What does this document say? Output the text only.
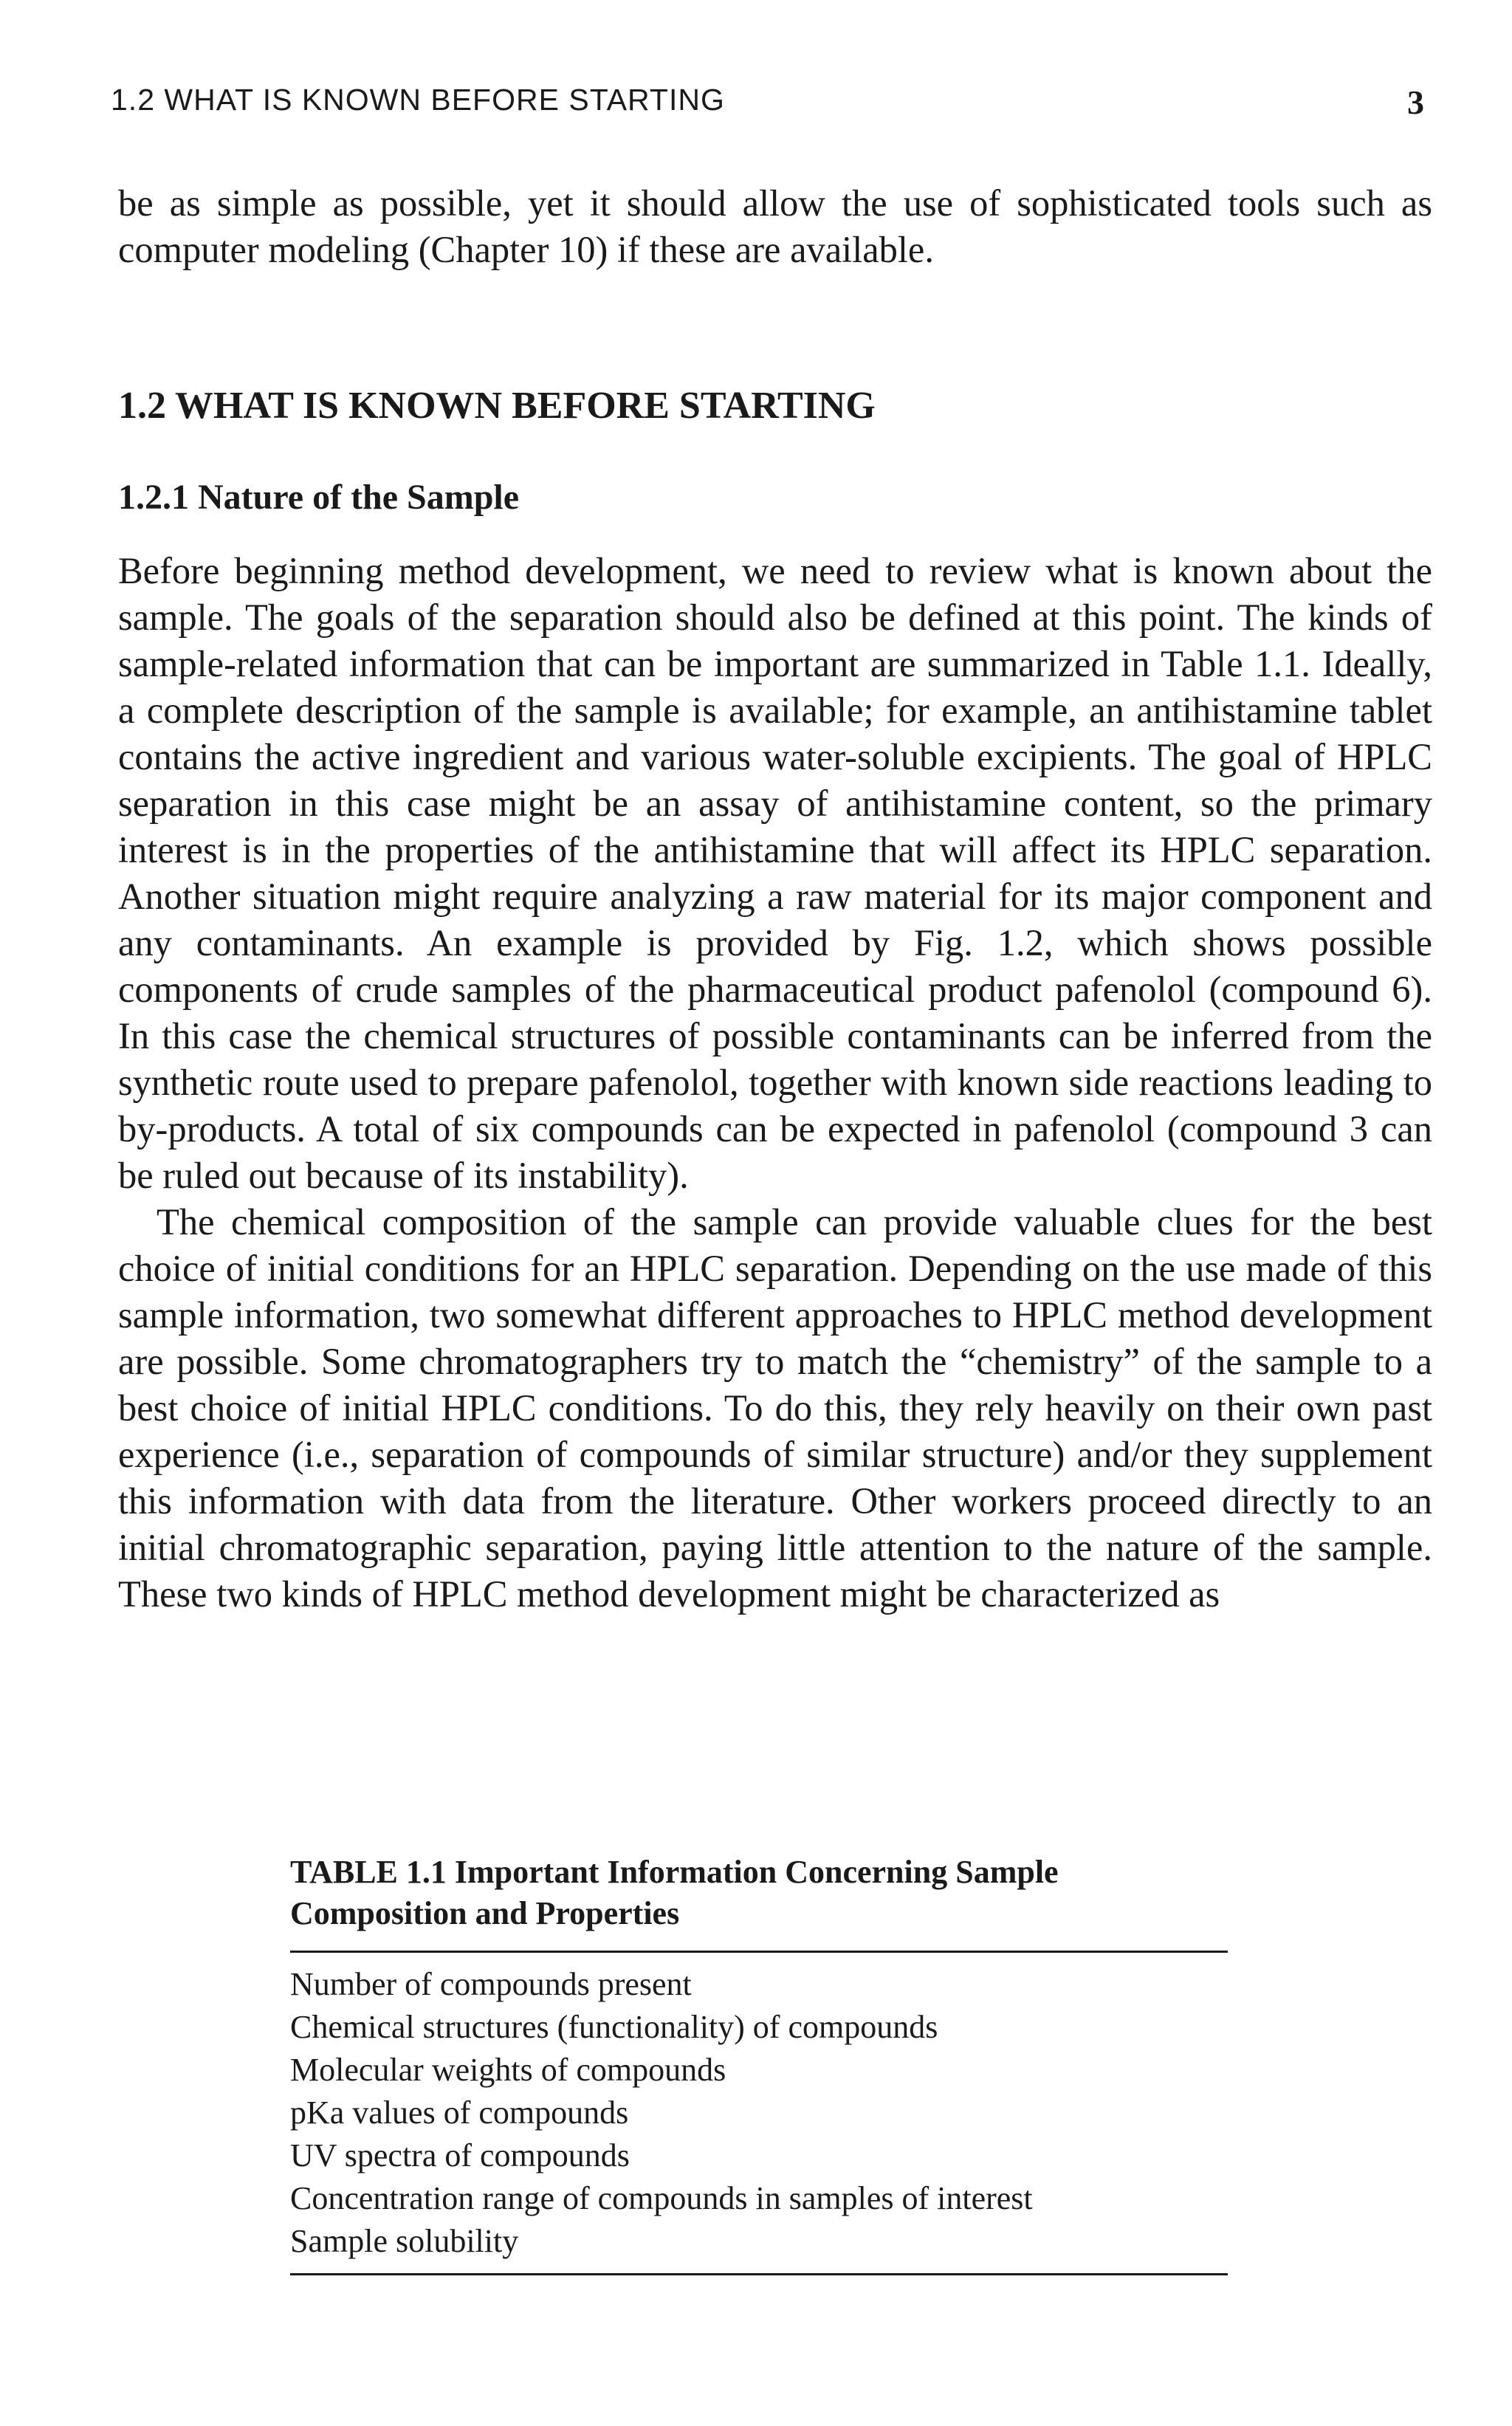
1.2 WHAT IS KNOWN BEFORE STARTING	3

be as simple as possible, yet it should allow the use of sophisticated tools such as computer modeling (Chapter 10) if these are available.

1.2 WHAT IS KNOWN BEFORE STARTING
1.2.1 Nature of the Sample

Before beginning method development, we need to review what is known about the sample. The goals of the separation should also be defined at this point. The kinds of sample-related information that can be important are summarized in Table 1.1. Ideally, a complete description of the sample is available; for example, an antihistamine tablet contains the active ingredient and various water-soluble excipients. The goal of HPLC separation in this case might be an assay of antihistamine content, so the primary interest is in the properties of the antihistamine that will affect its HPLC separation. Another situation might require analyzing a raw material for its major component and any contaminants. An example is provided by Fig. 1.2, which shows possible components of crude samples of the pharmaceutical product pafenolol (compound 6). In this case the chemical structures of possible contaminants can be inferred from the synthetic route used to prepare pafenolol, together with known side reactions leading to by-products. A total of six compounds can be expected in pafenolol (compound 3 can be ruled out because of its instability).

The chemical composition of the sample can provide valuable clues for the best choice of initial conditions for an HPLC separation. Depending on the use made of this sample information, two somewhat different approaches to HPLC method development are possible. Some chromatographers try to match the “chemistry” of the sample to a best choice of initial HPLC conditions. To do this, they rely heavily on their own past experience (i.e., separation of compounds of similar structure) and/or they supplement this information with data from the literature. Other workers proceed directly to an initial chromatographic separation, paying little attention to the nature of the sample. These two kinds of HPLC method development might be characterized as

TABLE 1.1 Important Information Concerning Sample
Composition and Properties
Number of compounds present
Chemical structures (functionality) of compounds
Molecular weights of compounds
pKa values of compounds
UV spectra of compounds
Concentration range of compounds in samples of interest
Sample solubility
